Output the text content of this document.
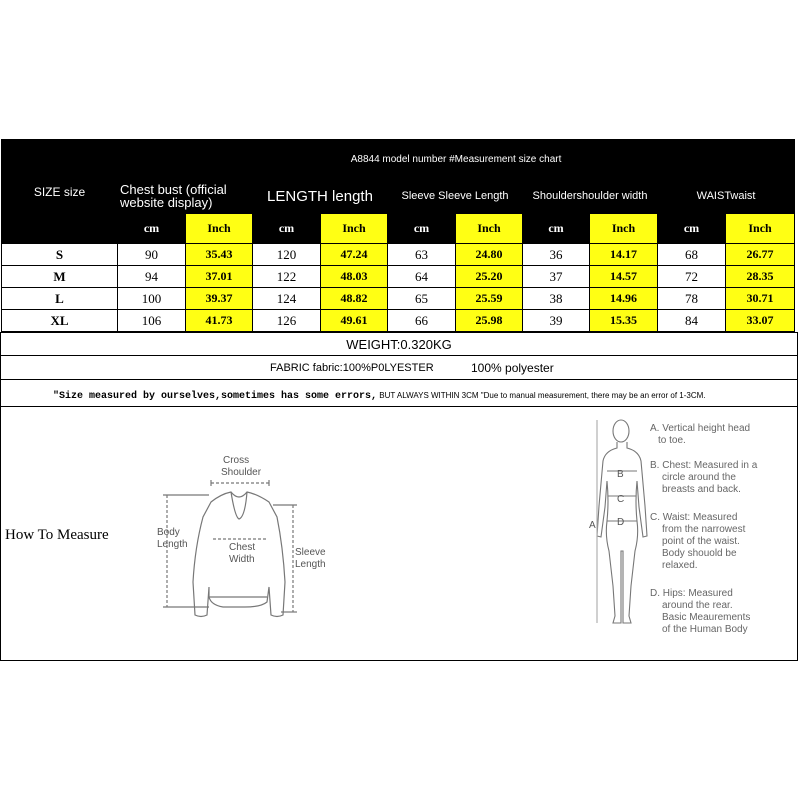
SIZE size	A8844 model number #Measurement size chart									
	Chest bust (official website display)		LENGTH length		Sleeve Sleeve Length		Shouldershoulder width		WAISTwaist	
	cm	Inch	cm	Inch	cm	Inch	cm	Inch	cm	Inch
S	90	35.43	120	47.24	63	24.80	36	14.17	68	26.77
M	94	37.01	122	48.03	64	25.20	37	14.57	72	28.35
L	100	39.37	124	48.82	65	25.59	38	14.96	78	30.71
XL	106	41.73	126	49.61	66	25.98	39	15.35	84	33.07
WEIGHT:0.320KG
FABRIC fabric:100%P0LYESTER	100% polyester
"Size measured by ourselves,sometimes has some errors, BUT ALWAYS WITHIN 3CM "Due to manual measurement, there may be an error of 1-3CM.
How To Measure
Cross
Shoulder
Body
Length	Chest
Width
Sleeve
Length
A
B
C
D
A. Vertical height head
to toe.
B. Chest: Measured in a
circle around the
breasts and back.
C. Waist: Measured
from the narrowest
point of the waist.
Body shouold be
relaxed.
D. Hips: Measured
around the rear.
Basic Meaurements
of the Human Body
